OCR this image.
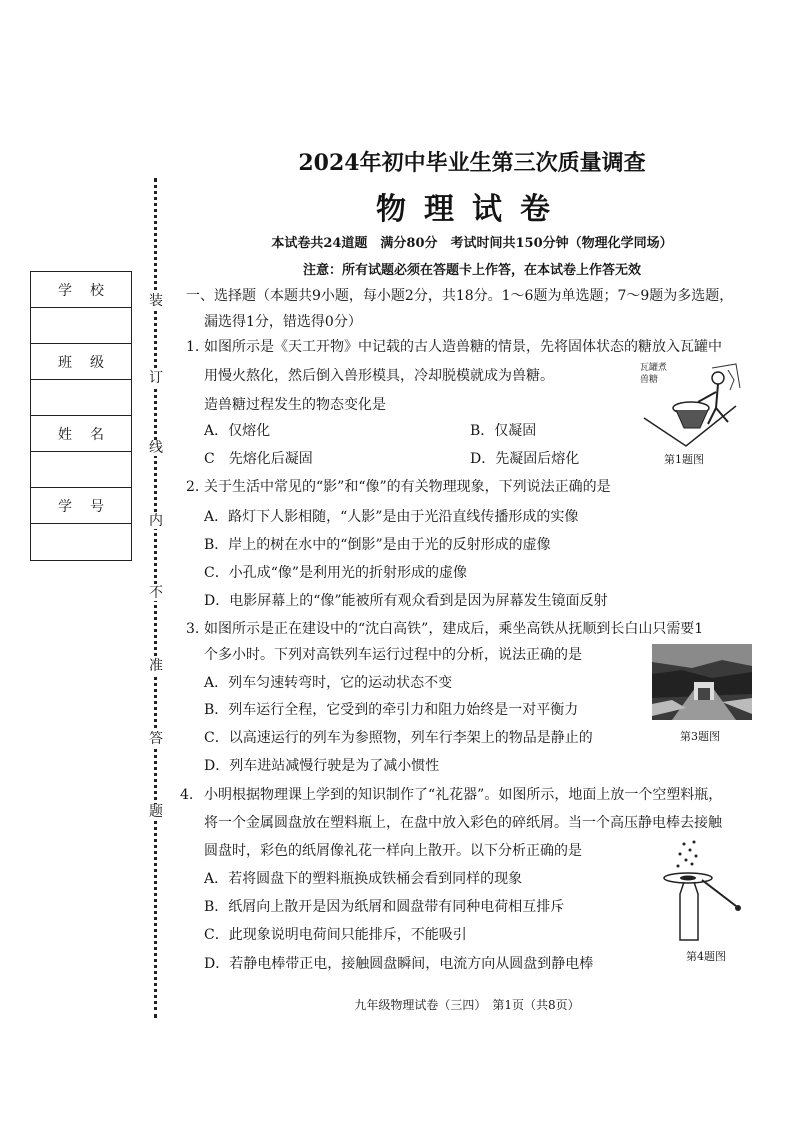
2024年初中毕业生第三次质量调查
物理试卷
本试卷共24道题　满分80分　考试时间共150分钟（物理化学同场）
注意：所有试题必须在答题卡上作答，在本试卷上作答无效
装
订
线
内
不
准
答
题
学校
班级
姓名
学号
一、选择题（本题共9小题，每小题2分，共18分。1～6题为单选题；7～9题为多选题，
漏选得1分，错选得0分）
1. 如图所示是《天工开物》中记载的古人造兽糖的情景，先将固体状态的糖放入瓦罐中
用慢火熬化，然后倒入兽形模具，冷却脱模就成为兽糖。
造兽糖过程发生的物态变化是
A．仅熔化	B．仅凝固
C　先熔化后凝固	D．先凝固后熔化
瓦罐煮
兽糖
第1题图
2. 关于生活中常见的“影”和“像”的有关物理现象，下列说法正确的是
A．路灯下人影相随，“人影”是由于光沿直线传播形成的实像
B．岸上的树在水中的“倒影”是由于光的反射形成的虚像
C．小孔成“像”是利用光的折射形成的虚像
D．电影屏幕上的“像”能被所有观众看到是因为屏幕发生镜面反射
3. 如图所示是正在建设中的“沈白高铁”，建成后，乘坐高铁从抚顺到长白山只需要1
个多小时。下列对高铁列车运行过程中的分析，说法正确的是
A．列车匀速转弯时，它的运动状态不变
B．列车运行全程，它受到的牵引力和阻力始终是一对平衡力
C．以高速运行的列车为参照物，列车行李架上的物品是静止的
D．列车进站减慢行驶是为了减小惯性
第3题图
4. 小明根据物理课上学到的知识制作了“礼花器”。如图所示，地面上放一个空塑料瓶，
将一个金属圆盘放在塑料瓶上，在盘中放入彩色的碎纸屑。当一个高压静电棒去接触
圆盘时，彩色的纸屑像礼花一样向上散开。以下分析正确的是
A．若将圆盘下的塑料瓶换成铁桶会看到同样的现象
B．纸屑向上散开是因为纸屑和圆盘带有同种电荷相互排斥
C．此现象说明电荷间只能排斥，不能吸引
D．若静电棒带正电，接触圆盘瞬间，电流方向从圆盘到静电棒	第4题图
九年级物理试卷（三四）　第1页（共8页）
